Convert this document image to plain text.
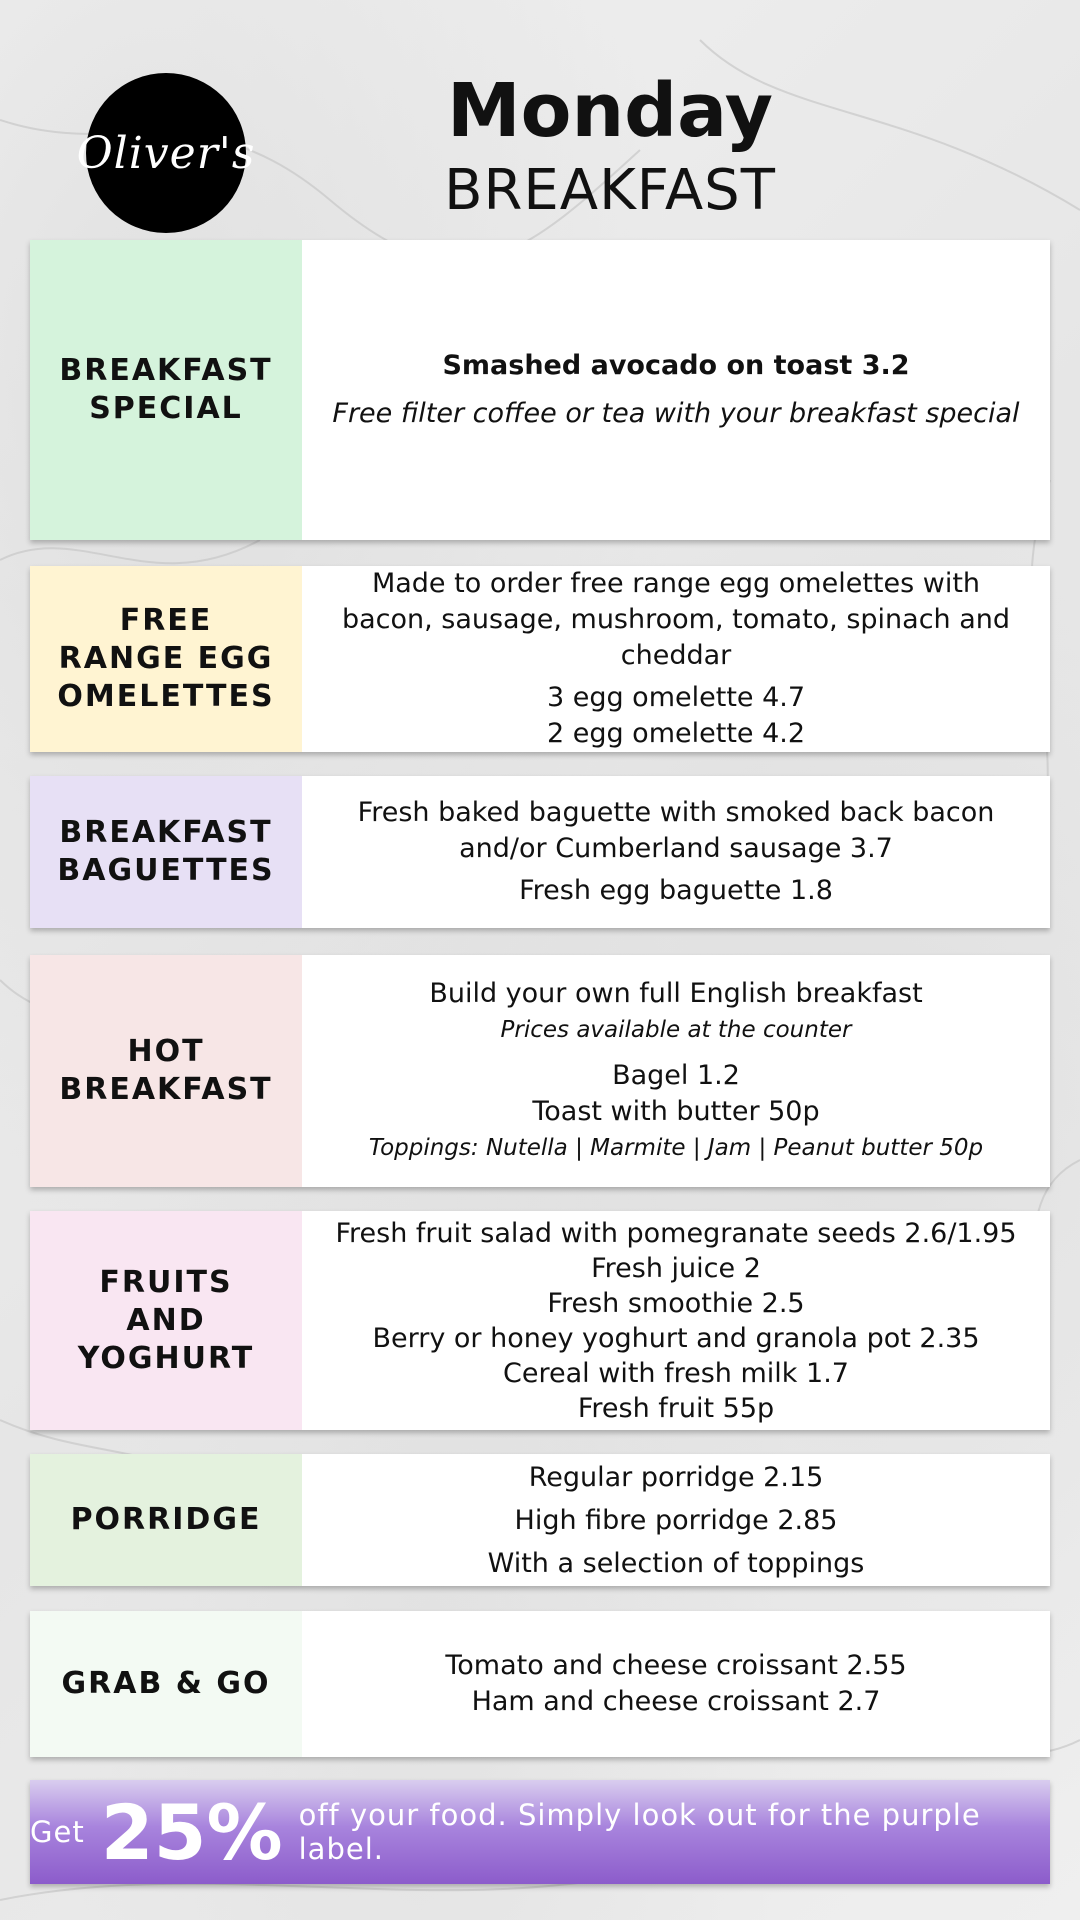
Oliver's	Monday
BREAKFAST
BREAKFAST SPECIAL
Smashed avocado on toast 3.2
Free filter coffee or tea with your breakfast special
FREE RANGE EGG OMELETTES
Made to order free range egg omelettes with bacon, sausage, mushroom, tomato, spinach and cheddar
3 egg omelette 4.7
2 egg omelette 4.2
BREAKFAST BAGUETTES
Fresh baked baguette with smoked back bacon and/or Cumberland sausage 3.7
Fresh egg baguette 1.8
HOT BREAKFAST
Build your own full English breakfast
Prices available at the counter
Bagel 1.2
Toast with butter 50p
Toppings: Nutella | Marmite | Jam | Peanut butter 50p
FRUITS AND YOGHURT
Fresh fruit salad with pomegranate seeds 2.6/1.95
Fresh juice 2
Fresh smoothie 2.5
Berry or honey yoghurt and granola pot 2.35
Cereal with fresh milk 1.7
Fresh fruit 55p
PORRIDGE
Regular porridge 2.15
High fibre porridge 2.85
With a selection of toppings
GRAB & GO
Tomato and cheese croissant 2.55
Ham and cheese croissant 2.7
Get 25% off your food. Simply look out for the purple label.
